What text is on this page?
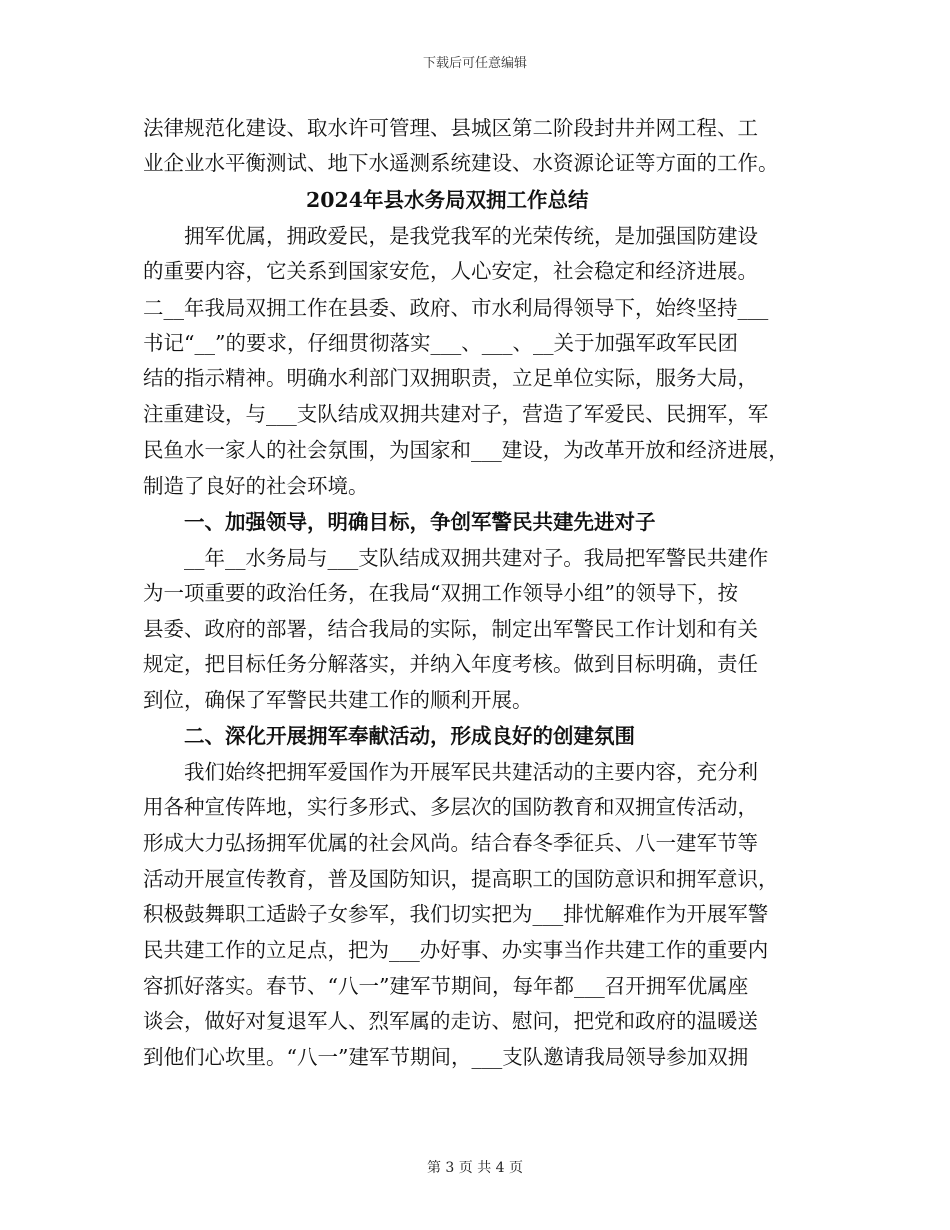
下载后可任意编辑
法律规范化建设、取水许可管理、县城区第二阶段封井并网工程、工
业企业水平衡测试、地下水遥测系统建设、水资源论证等方面的工作。
2024年县水务局双拥工作总结
拥军优属，拥政爱民，是我党我军的光荣传统，是加强国防建设
的重要内容，它关系到国家安危，人心安定，社会稳定和经济进展。
二__年我局双拥工作在县委、政府、市水利局得领导下，始终坚持___
书记“__”的要求，仔细贯彻落实___、___、__关于加强军政军民团
结的指示精神。明确水利部门双拥职责，立足单位实际，服务大局，
注重建设，与___支队结成双拥共建对子，营造了军爱民、民拥军，军
民鱼水一家人的社会氛围，为国家和___建设，为改革开放和经济进展，
制造了良好的社会环境。
一、加强领导，明确目标，争创军警民共建先进对子
__年__水务局与___支队结成双拥共建对子。我局把军警民共建作
为一项重要的政治任务，在我局“双拥工作领导小组”的领导下，按
县委、政府的部署，结合我局的实际，制定出军警民工作计划和有关
规定，把目标任务分解落实，并纳入年度考核。做到目标明确，责任
到位，确保了军警民共建工作的顺利开展。
二、深化开展拥军奉献活动，形成良好的创建氛围
我们始终把拥军爱国作为开展军民共建活动的主要内容，充分利
用各种宣传阵地，实行多形式、多层次的国防教育和双拥宣传活动，
形成大力弘扬拥军优属的社会风尚。结合春冬季征兵、八一建军节等
活动开展宣传教育，普及国防知识，提高职工的国防意识和拥军意识，
积极鼓舞职工适龄子女参军，我们切实把为___排忧解难作为开展军警
民共建工作的立足点，把为___办好事、办实事当作共建工作的重要内
容抓好落实。春节、“八一”建军节期间，每年都___召开拥军优属座
谈会，做好对复退军人、烈军属的走访、慰问，把党和政府的温暖送
到他们心坎里。“八一”建军节期间，___支队邀请我局领导参加双拥
第 3 页 共 4 页
